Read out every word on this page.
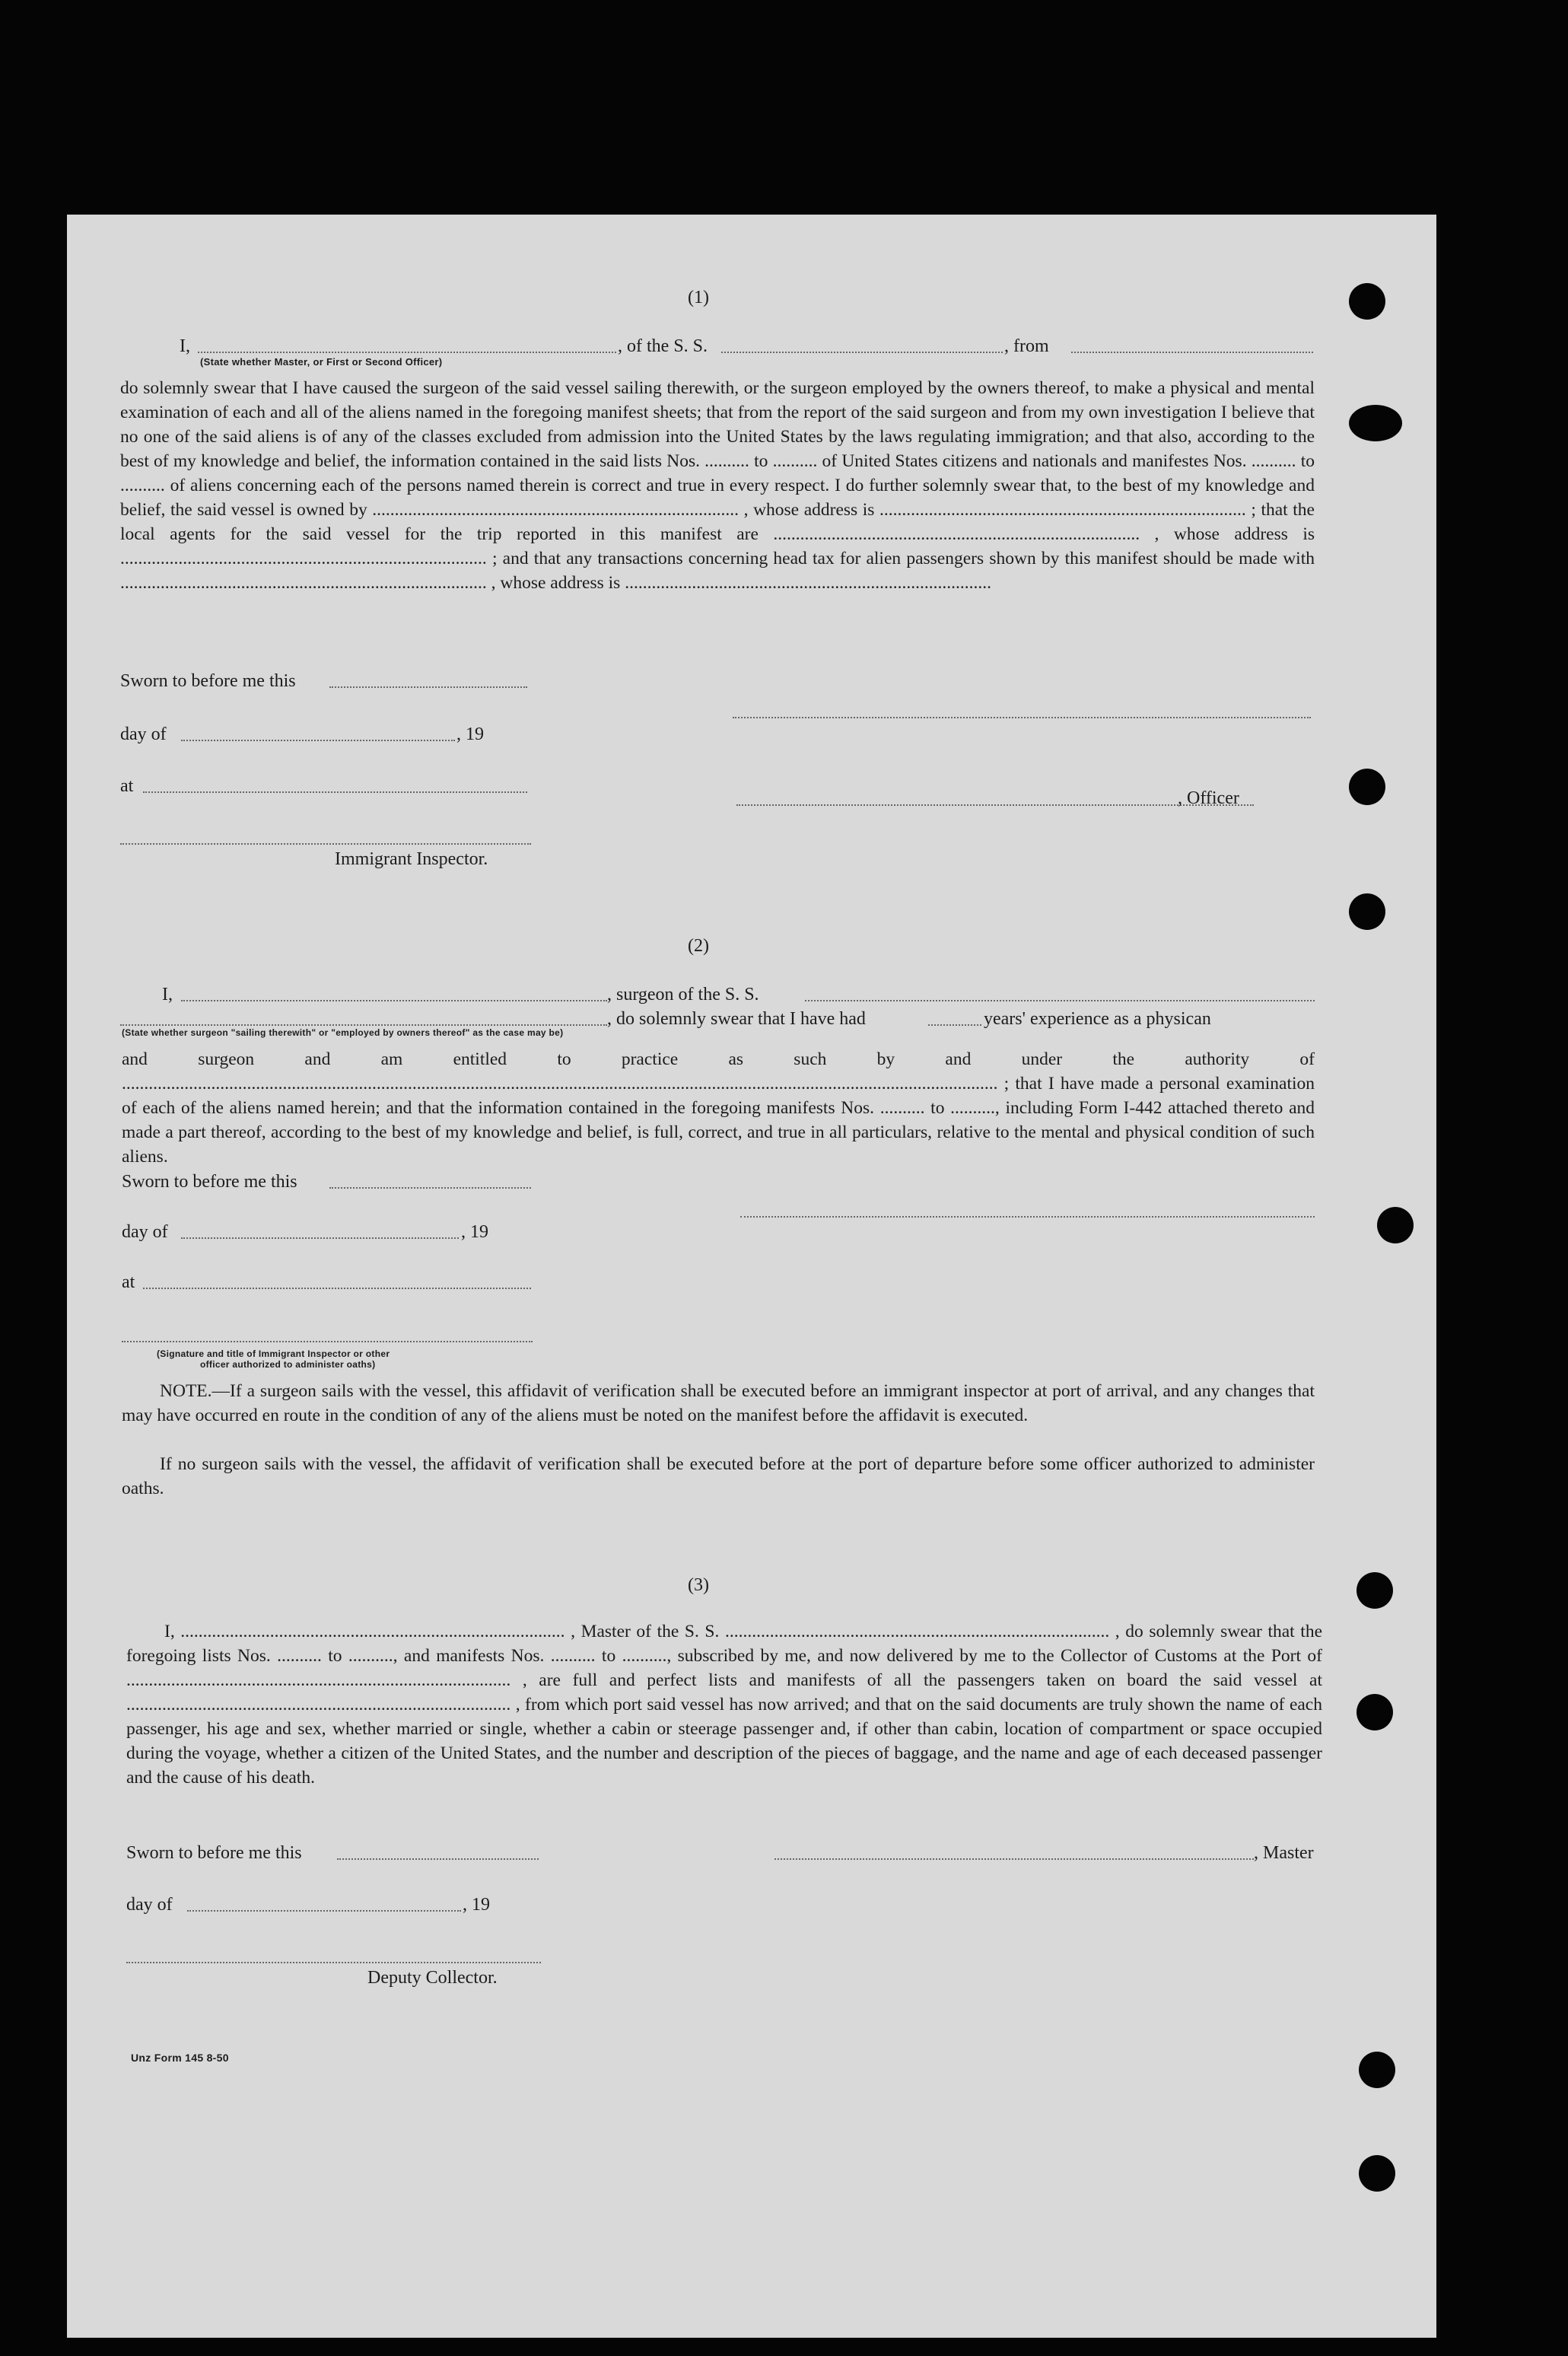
(1)
I,	, of the S. S.	, from
(State whether Master, or First or Second Officer)

do solemnly swear that I have caused the surgeon of the said vessel sailing therewith, or the surgeon employed by the owners thereof, to make a physical and mental examination of each and all of the aliens named in the foregoing manifest sheets; that from the report of the said surgeon and from my own investigation I believe that no one of the said aliens is of any of the classes excluded from admission into the United States by the laws regulating immigration; and that also, according to the best of my knowledge and belief, the information contained in the said lists Nos. .......... to .......... of United States citizens and nationals and manifestes Nos. .......... to .......... of aliens concerning each of the persons named therein is correct and true in every respect. I do further solemnly swear that, to the best of my knowledge and belief, the said vessel is owned by .................................................................................. , whose address is .................................................................................. ; that the local agents for the said vessel for the trip reported in this manifest are .................................................................................. , whose address is .................................................................................. ; and that any transactions concerning head tax for alien passengers shown by this manifest should be made with .................................................................................. , whose address is ..................................................................................

Sworn to before me this
day of	, 19
at
, Officer
Immigrant Inspector.
(2)
I,	, surgeon of the S. S.
, do solemnly swear that I have had	years' experience as a physican
(State whether surgeon "sailing therewith" or "employed by owners thereof" as the case may be)

and surgeon and am entitled to practice as such by and under the authority of .................................................................................................................................................................................................... ; that I have made a personal examination of each of the aliens named herein; and that the information contained in the foregoing manifests Nos. .......... to .........., including Form I-442 attached thereto and made a part thereof, according to the best of my knowledge and belief, is full, correct, and true in all particulars, relative to the mental and physical condition of such aliens.

Sworn to before me this
day of	, 19
at
(Signature and title of Immigrant Inspector or other
officer authorized to administer oaths)

NOTE.—If a surgeon sails with the vessel, this affidavit of verification shall be executed before an immigrant inspector at port of arrival, and any changes that may have occurred en route in the condition of any of the aliens must be noted on the manifest before the affidavit is executed.

If no surgeon sails with the vessel, the affidavit of verification shall be executed before at the port of departure before some officer authorized to administer oaths.

(3)

I, ...................................................................................... , Master of the S. S. ...................................................................................... , do solemnly swear that the foregoing lists Nos. .......... to .........., and manifests Nos. .......... to .........., subscribed by me, and now delivered by me to the Collector of Customs at the Port of ...................................................................................... , are full and perfect lists and manifests of all the passengers taken on board the said vessel at ...................................................................................... , from which port said vessel has now arrived; and that on the said documents are truly shown the name of each passenger, his age and sex, whether married or single, whether a cabin or steerage passenger and, if other than cabin, location of compartment or space occupied during the voyage, whether a citizen of the United States, and the number and description of the pieces of baggage, and the name and age of each deceased passenger and the cause of his death.

Sworn to before me this	, Master
day of	, 19
Deputy Collector.
Unz Form 145 8-50
